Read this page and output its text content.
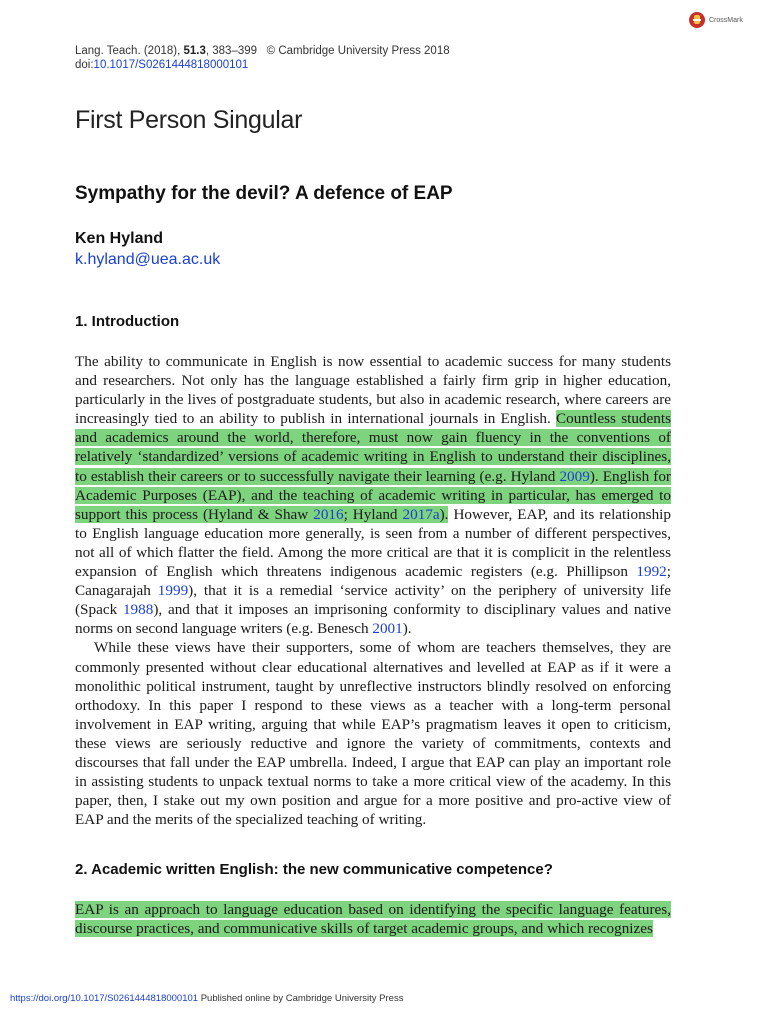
CrossMark
Lang. Teach. (2018), 51.3, 383–399 © Cambridge University Press 2018
doi:10.1017/S0261444818000101
First Person Singular
Sympathy for the devil? A defence of EAP
Ken Hyland
k.hyland@uea.ac.uk
1. Introduction

The ability to communicate in English is now essential to academic success for many students and researchers. Not only has the language established a fairly firm grip in higher education, particularly in the lives of postgraduate students, but also in academic research, where careers are increasingly tied to an ability to publish in international journals in English. Countless students and academics around the world, therefore, must now gain fluency in the conventions of relatively ‘standardized’ versions of academic writing in English to understand their disciplines, to establish their careers or to successfully navigate their learning (e.g. Hyland 2009). English for Academic Purposes (EAP), and the teaching of academic writing in particular, has emerged to support this process (Hyland & Shaw 2016; Hyland 2017a). However, EAP, and its relationship to English language education more generally, is seen from a number of different perspectives, not all of which flatter the field. Among the more critical are that it is complicit in the relentless expansion of English which threatens indigenous academic registers (e.g. Phillipson 1992; Canagarajah 1999), that it is a remedial ‘service activity’ on the periphery of university life (Spack 1988), and that it imposes an imprisoning conformity to disciplinary values and native norms on second language writers (e.g. Benesch 2001).

While these views have their supporters, some of whom are teachers themselves, they are commonly presented without clear educational alternatives and levelled at EAP as if it were a monolithic political instrument, taught by unreflective instructors blindly resolved on enforcing orthodoxy. In this paper I respond to these views as a teacher with a long-term personal involvement in EAP writing, arguing that while EAP’s pragmatism leaves it open to criticism, these views are seriously reductive and ignore the variety of commitments, contexts and discourses that fall under the EAP umbrella. Indeed, I argue that EAP can play an important role in assisting students to unpack textual norms to take a more critical view of the academy. In this paper, then, I stake out my own position and argue for a more positive and pro-active view of EAP and the merits of the specialized teaching of writing.

2. Academic written English: the new communicative competence?

EAP is an approach to language education based on identifying the specific language features, discourse practices, and communicative skills of target academic groups, and which recognizes

https://doi.org/10.1017/S0261444818000101 Published online by Cambridge University Press
